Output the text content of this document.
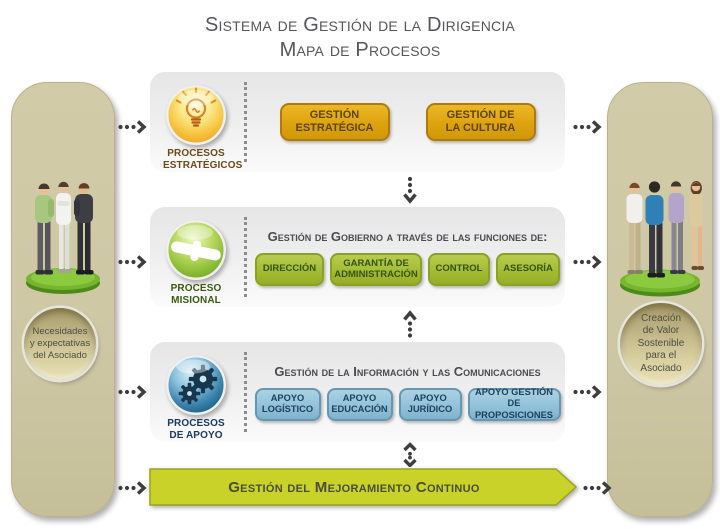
Sistema de Gestión de la Dirigencia
Mapa de Procesos
Necesidades
y expectativas
del Asociado
Creación
de Valor
Sostenible
para el
Asociado
PROCESOS
ESTRATÉGICOS
GESTIÓN
ESTRATÉGICA
GESTIÓN DE
LA CULTURA
PROCESO
MISIONAL
Gestión de Gobierno a través de las funciones de:
DIRECCIÓN
GARANTÍA DE
ADMINISTRACIÓN
CONTROL ASESORÍA
PROCESOS
DE APOYO
Gestión de la Información y las Comunicaciones
APOYO
LOGÍSTICO
APOYO
EDUCACIÓN
APOYO
JURÍDICO
APOYO GESTIÓN
DE PROPOSICIONES
Gestión del Mejoramiento Continuo
